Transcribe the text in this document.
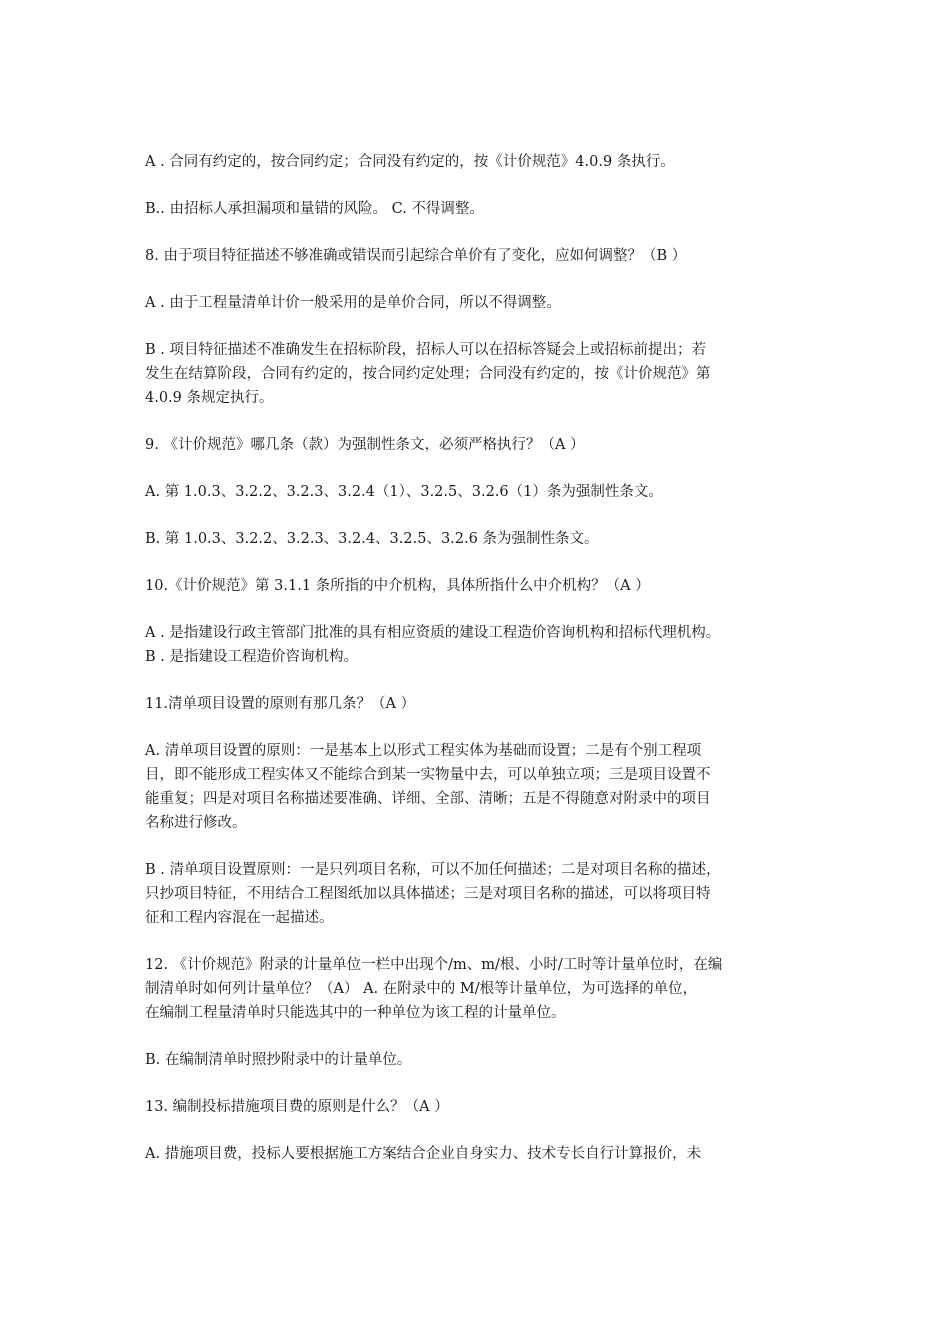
A . 合同有约定的，按合同约定；合同没有约定的，按《计价规范》4.0.9 条执行。

B.. 由招标人承担漏项和量错的风险。 C. 不得调整。

8. 由于项目特征描述不够准确或错误而引起综合单价有了变化，应如何调整？（B ）

A . 由于工程量清单计价一般采用的是单价合同，所以不得调整。

B . 项目特征描述不准确发生在招标阶段，招标人可以在招标答疑会上或招标前提出；若
发生在结算阶段，合同有约定的，按合同约定处理；合同没有约定的，按《计价规范》第
4.0.9 条规定执行。

9. 《计价规范》哪几条（款）为强制性条文，必须严格执行？（A ）

A. 第 1.0.3、3.2.2、3.2.3、3.2.4（1）、3.2.5、3.2.6（1）条为强制性条文。

B. 第 1.0.3、3.2.2、3.2.3、3.2.4、3.2.5、3.2.6 条为强制性条文。

10.《计价规范》第 3.1.1 条所指的中介机构，具体所指什么中介机构？（A ）

A . 是指建设行政主管部门批准的具有相应资质的建设工程造价咨询机构和招标代理机构。
B . 是指建设工程造价咨询机构。

11.清单项目设置的原则有那几条？（A ）

A. 清单项目设置的原则：一是基本上以形式工程实体为基础而设置；二是有个别工程项
目，即不能形成工程实体又不能综合到某一实物量中去，可以单独立项；三是项目设置不
能重复；四是对项目名称描述要准确、详细、全部、清晰；五是不得随意对附录中的项目
名称进行修改。

B . 清单项目设置原则：一是只列项目名称，可以不加任何描述；二是对项目名称的描述，
只抄项目特征，不用结合工程图纸加以具体描述；三是对项目名称的描述，可以将项目特
征和工程内容混在一起描述。

12. 《计价规范》附录的计量单位一栏中出现个/m、m/根、小时/工时等计量单位时，在编
制清单时如何列计量单位？（A） A. 在附录中的 M/根等计量单位，为可选择的单位，
在编制工程量清单时只能选其中的一种单位为该工程的计量单位。

B. 在编制清单时照抄附录中的计量单位。

13. 编制投标措施项目费的原则是什么？（A ）

A. 措施项目费，投标人要根据施工方案结合企业自身实力、技术专长自行计算报价，未
